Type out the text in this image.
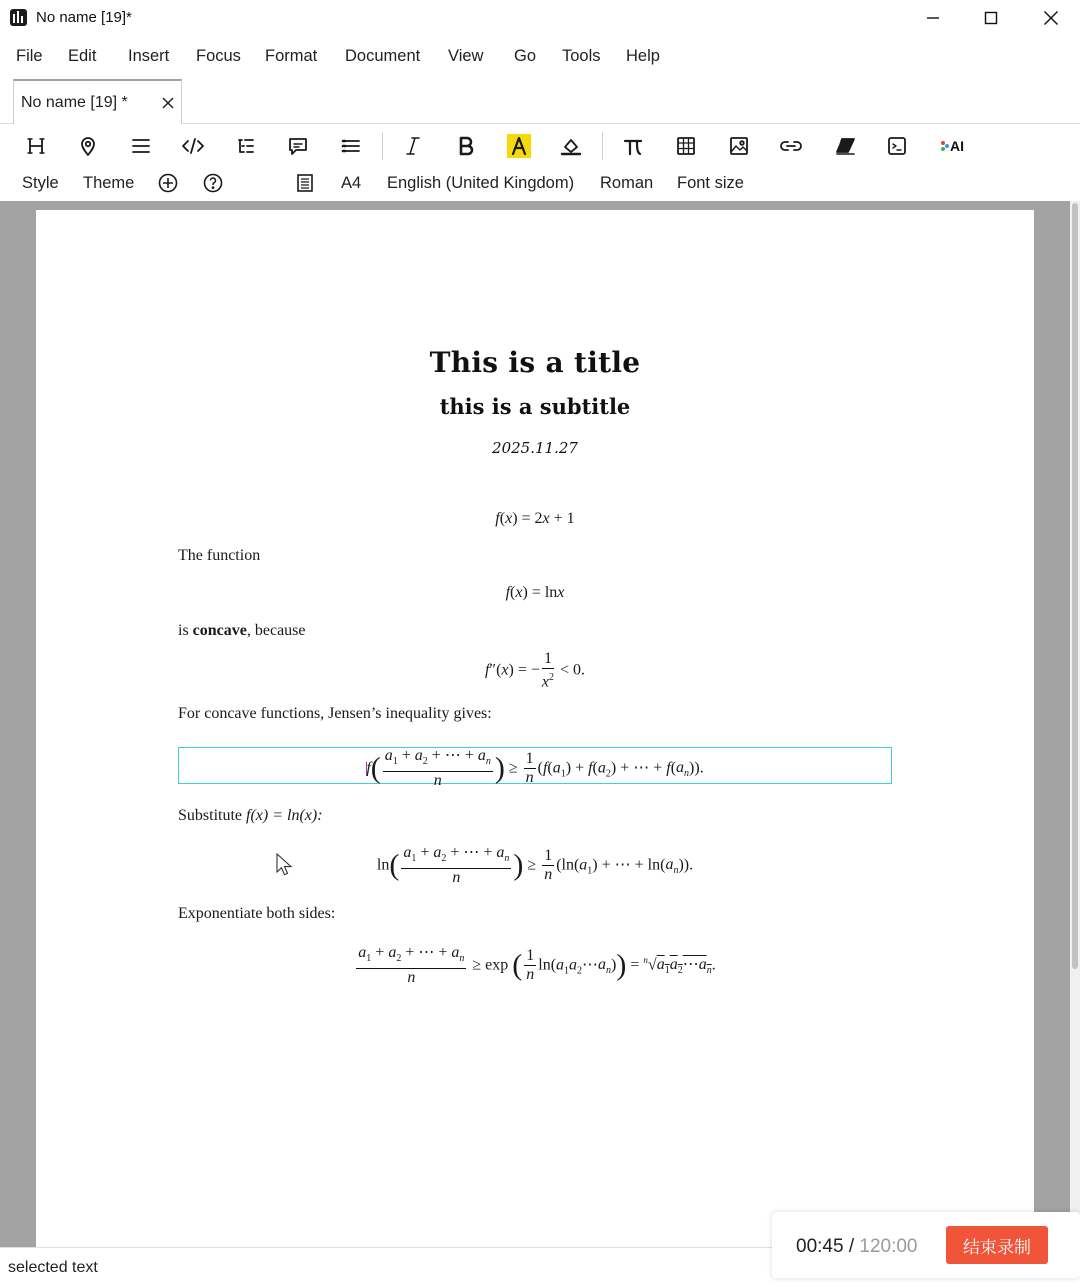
No name [19]*
File Edit Insert Focus Format Document View Go Tools Help
No name [19] *
AI
Style Theme	A4 English (United Kingdom) Roman Font size
This is a title
this is a subtitle
2025.11.27
f(x) = 2x + 1
The function
f(x) = lnx
is concave, because
f″(x) = − $\frac{1}{x^2} < 0$.
For concave functions, Jensen’s inequality gives:
$f( \frac{a_1 + a_2 + \cdots + a_n}{n}$ ) ≥ $\frac{1}{n} (f(a_1) + f(a_2)$ + ⋯ + $f(a_n)$).
Substitute f(x) = ln(x):
$\ln( \frac{a_1 + a_2 + \cdots + a_n}{n}$ ) ≥ $\frac{1}{n} (\ln(a_1)$ + ⋯ + $\ln(a_n)$).
Exponentiate both sides:
$\frac{a_1 + a_2 + \cdots + a_n}{n} \ge \exp$ ( $\frac{1}{n}$ $\ln(a_1a_2\cdots a_n)$) = $^n√a_1a_2\cdots a_n$.
selected text
00:45 / 120:00	结束录制
